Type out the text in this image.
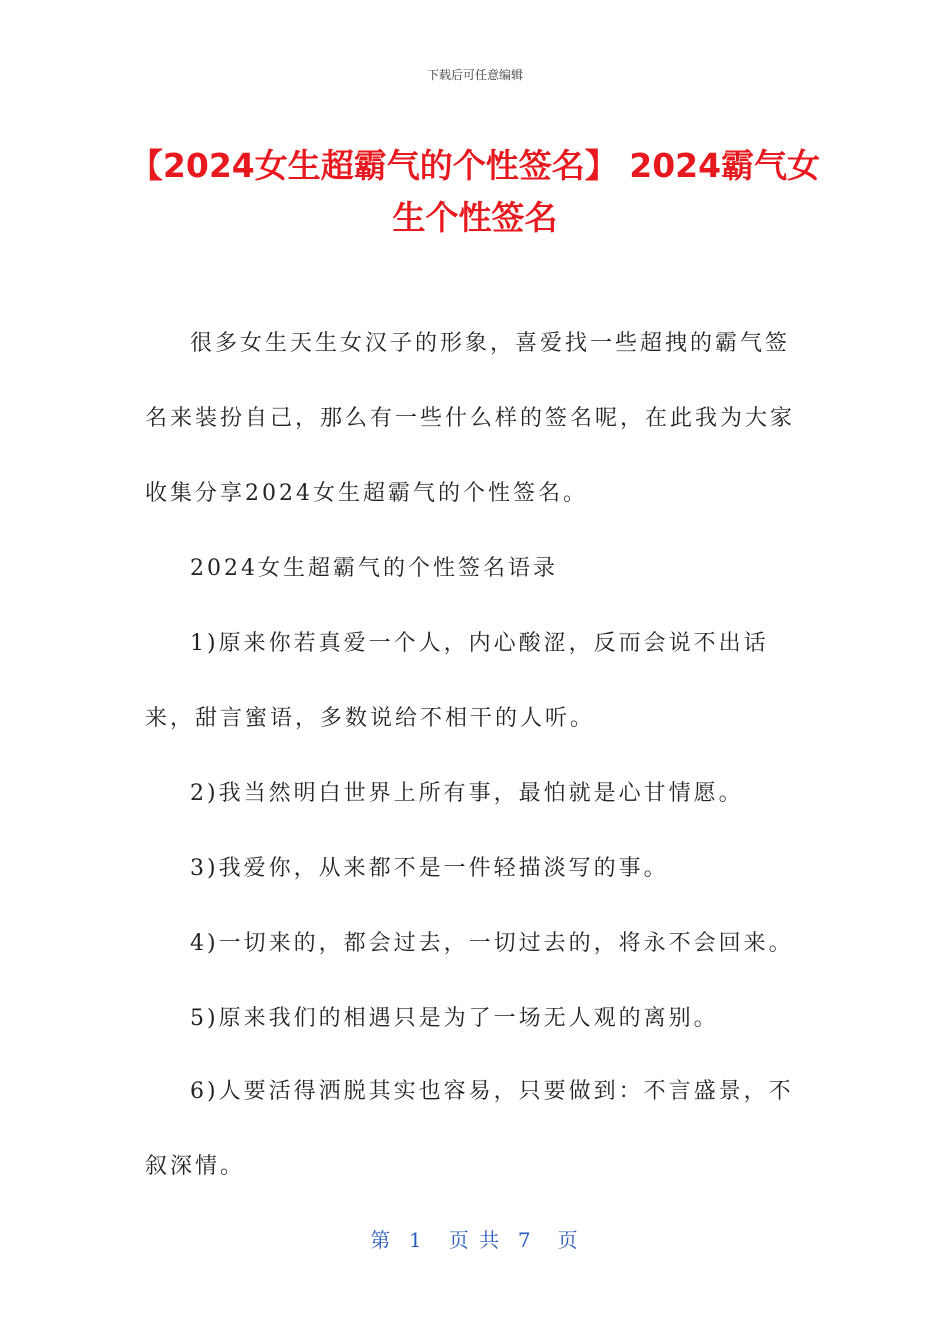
下载后可任意编辑
【2024女生超霸气的个性签名】 2024霸气女生个性签名

很多女生天生女汉子的形象，喜爱找一些超拽的霸气签名来装扮自己，那么有一些什么样的签名呢，在此我为大家收集分享2024女生超霸气的个性签名。

2024女生超霸气的个性签名语录

1)原来你若真爱一个人，内心酸涩，反而会说不出话来，甜言蜜语，多数说给不相干的人听。

2)我当然明白世界上所有事，最怕就是心甘情愿。

3)我爱你，从来都不是一件轻描淡写的事。

4)一切来的，都会过去，一切过去的，将永不会回来。

5)原来我们的相遇只是为了一场无人观的离别。

6)人要活得洒脱其实也容易，只要做到：不言盛景，不叙深情。

第  1   页 共  7   页
